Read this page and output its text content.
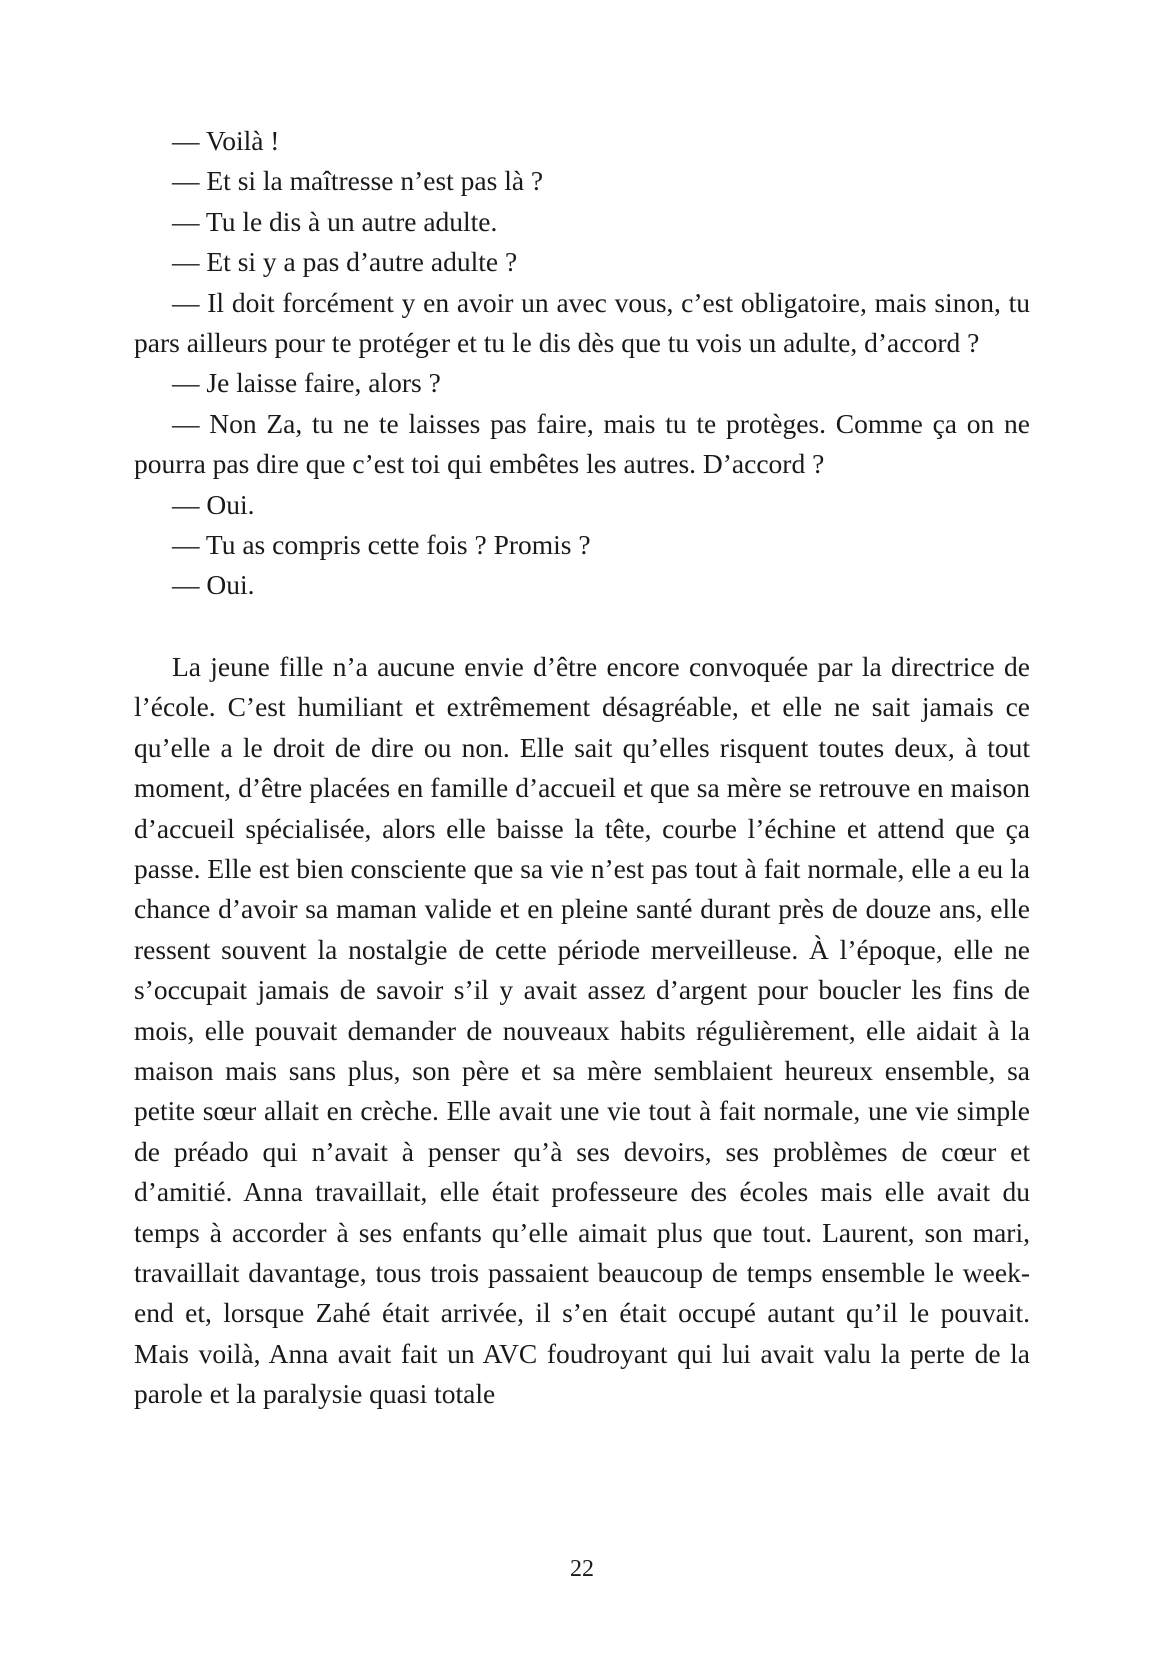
— Voilà !

— Et si la maîtresse n’est pas là ?

— Tu le dis à un autre adulte.

— Et si y a pas d’autre adulte ?

— Il doit forcément y en avoir un avec vous, c’est obligatoire, mais sinon, tu pars ailleurs pour te protéger et tu le dis dès que tu vois un adulte, d’accord ?

— Je laisse faire, alors ?

— Non Za, tu ne te laisses pas faire, mais tu te protèges. Comme ça on ne pourra pas dire que c’est toi qui embêtes les autres. D’accord ?

— Oui.

— Tu as compris cette fois ? Promis ?

— Oui.

La jeune fille n’a aucune envie d’être encore convoquée par la directrice de l’école. C’est humiliant et extrêmement désagréable, et elle ne sait jamais ce qu’elle a le droit de dire ou non. Elle sait qu’elles risquent toutes deux, à tout moment, d’être placées en famille d’accueil et que sa mère se retrouve en maison d’accueil spécialisée, alors elle baisse la tête, courbe l’échine et attend que ça passe. Elle est bien consciente que sa vie n’est pas tout à fait normale, elle a eu la chance d’avoir sa maman valide et en pleine santé durant près de douze ans, elle ressent souvent la nostalgie de cette période merveilleuse. À l’époque, elle ne s’occupait jamais de savoir s’il y avait assez d’argent pour boucler les fins de mois, elle pouvait demander de nouveaux habits régulièrement, elle aidait à la maison mais sans plus, son père et sa mère semblaient heureux ensemble, sa petite sœur allait en crèche. Elle avait une vie tout à fait normale, une vie simple de préado qui n’avait à penser qu’à ses devoirs, ses problèmes de cœur et d’amitié. Anna travaillait, elle était professeure des écoles mais elle avait du temps à accorder à ses enfants qu’elle aimait plus que tout. Laurent, son mari, travaillait davantage, tous trois passaient beaucoup de temps ensemble le week-end et, lorsque Zahé était arrivée, il s’en était occupé autant qu’il le pouvait. Mais voilà, Anna avait fait un AVC foudroyant qui lui avait valu la perte de la parole et la paralysie quasi totale

22
